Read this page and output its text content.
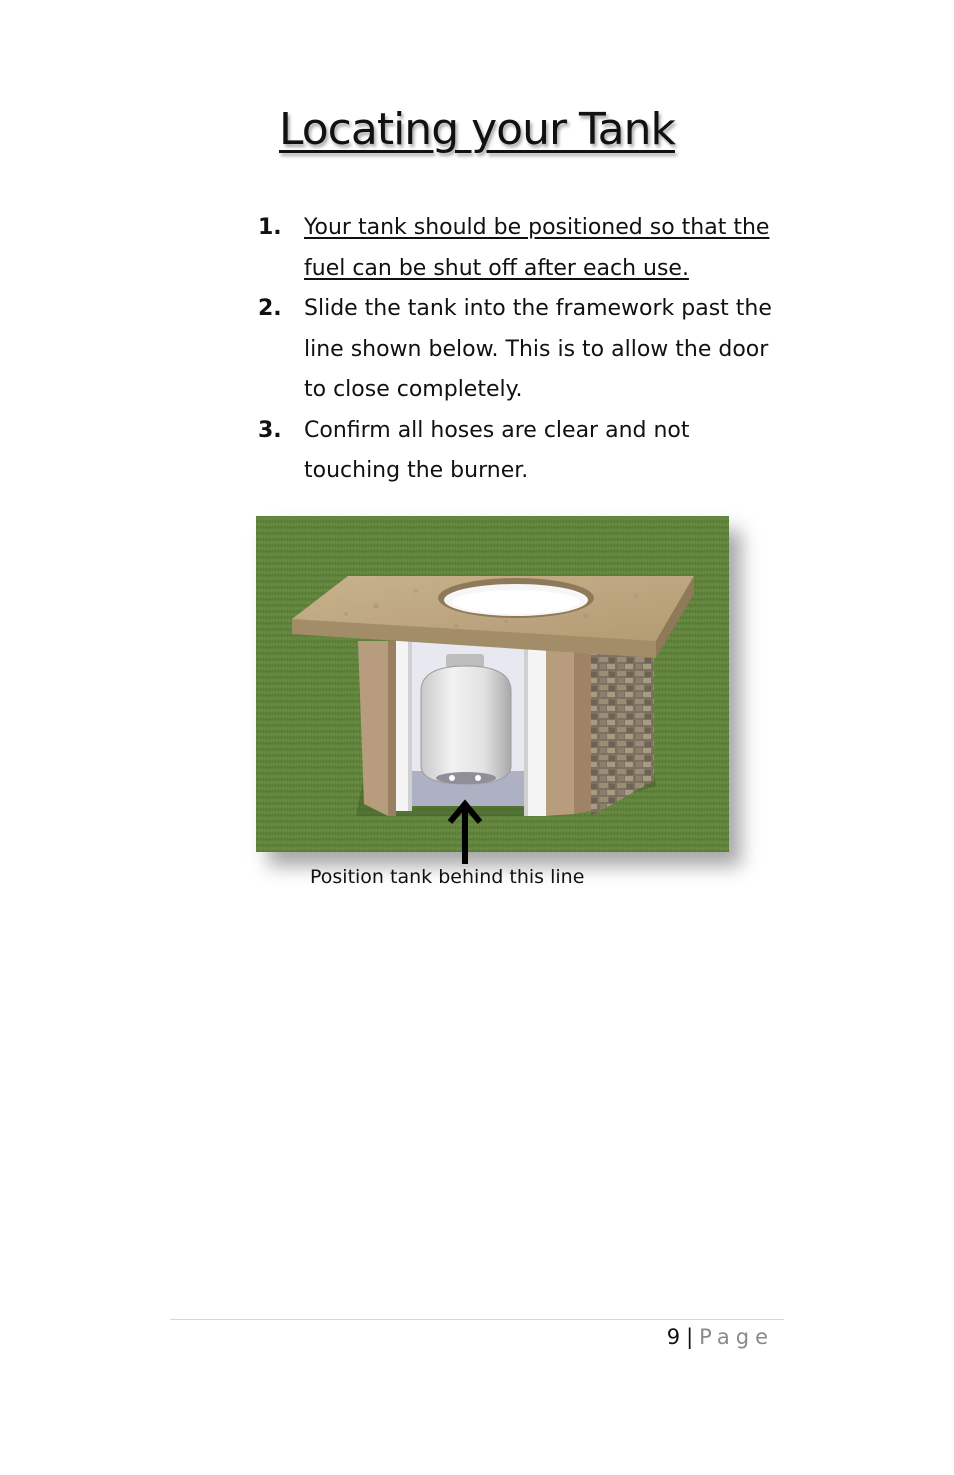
Locating your Tank
1.	Your tank should be positioned so that the fuel can be shut off after each use.
2.	Slide the tank into the framework past the line shown below. This is to allow the door to close completely.
3.	Confirm all hoses are clear and not touching the burner.
Position tank behind this line
9 | Page
